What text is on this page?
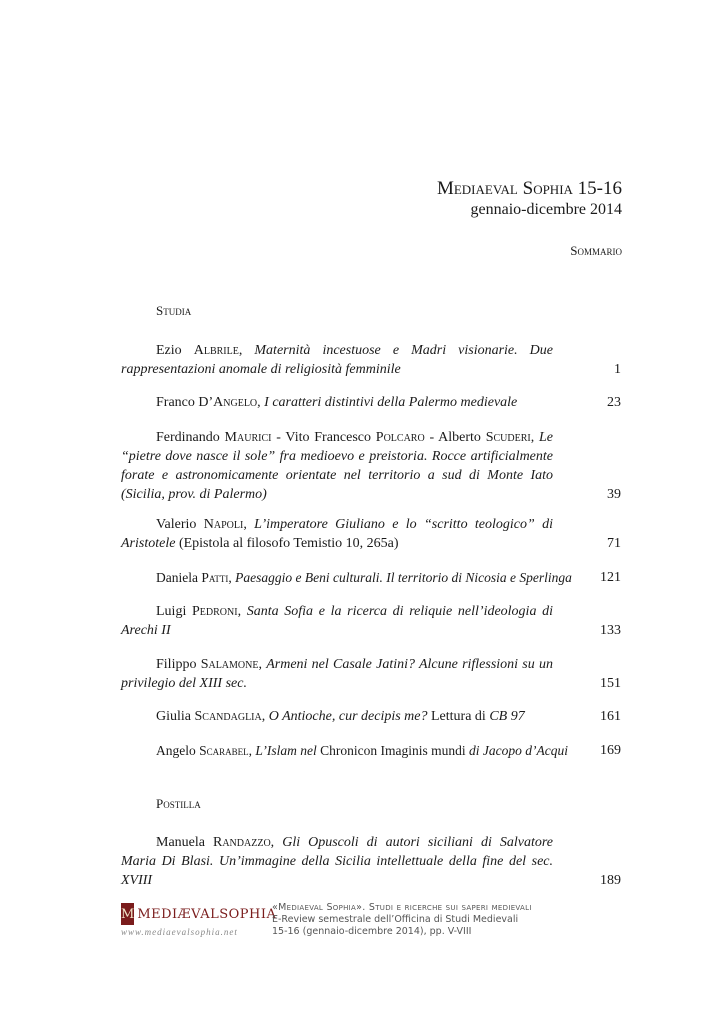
Mediaeval Sophia 15-16
gennaio-dicembre 2014
Sommario
Studia
Ezio Albrile, Maternità incestuose e Madri visionarie. Due rappresentazioni anomale di religiosità femminile	1
Franco D’Angelo, I caratteri distintivi della Palermo medievale	23
Ferdinando Maurici - Vito Francesco Polcaro - Alberto Scuderi, Le “pietre dove nasce il sole” fra medioevo e preistoria. Rocce artificialmente forate e astronomicamente orientate nel territorio a sud di Monte Iato (Sicilia, prov. di Palermo)	39
Valerio Napoli, L’imperatore Giuliano e lo “scritto teologico” di Aristotele (Epistola al filosofo Temistio 10, 265a)	71
Daniela Patti, Paesaggio e Beni culturali. Il territorio di Nicosia e Sperlinga	121
Luigi Pedroni, Santa Sofia e la ricerca di reliquie nell’ideologia di Arechi II	133
Filippo Salamone, Armeni nel Casale Jatini? Alcune riflessioni su un privilegio del XIII sec.	151
Giulia Scandaglia, O Antioche, cur decipis me? Lettura di CB 97	161
Angelo Scarabel, L’Islam nel Chronicon Imaginis mundi di Jacopo d’Acqui	169
Postilla
Manuela Randazzo, Gli Opuscoli di autori siciliani di Salvatore Maria Di Blasi. Un’immagine della Sicilia intellettuale della fine del sec. XVIII	189
M MEDIÆVALSOPHIA
www.mediaevalsophia.net
«Mediaeval Sophia». Studi e ricerche sui saperi medievali
E-Review semestrale dell’Officina di Studi Medievali
15-16 (gennaio-dicembre 2014), pp. V-VIII
